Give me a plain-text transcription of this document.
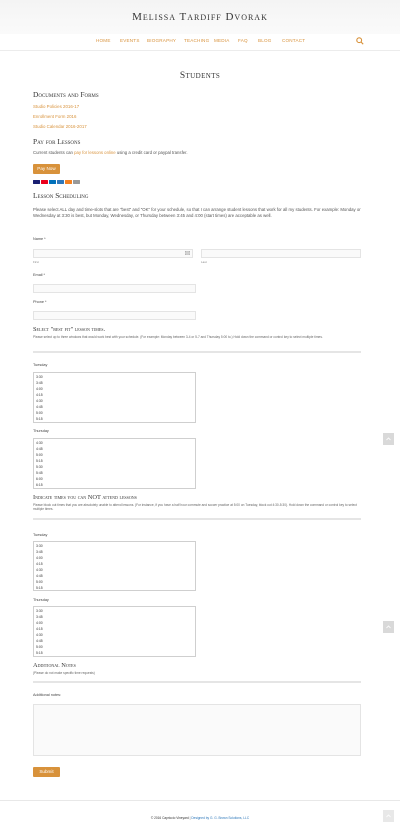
Melissa Tardiff Dvorak
HOME EVENTS BIOGRAPHY TEACHING MEDIA FAQ BLOG CONTACT
Students
Documents and Forms
Studio Policies 2016-17
Enrollment Form 2016
Studio Calendar 2016-2017
Pay for Lessons
Current students can pay for lessons online using a credit card or paypal transfer.
Pay Now
Lesson Scheduling
Please select ALL day and time-slots that are "best" and "OK" for your schedule, so that I can arrange student lessons that work for all my students. For example: Monday or Wednesday at 3:30 is best, but Monday, Wednesday, or Thursday between 3:45 and 4:00 (start times) are acceptable as well.
Name *
First	Last
Email *
Phone *
Select "best fit" lesson times.
Please select up to three windows that would work best with your schedule. (For example: Monday between 3-4 or 5-7 and Thursday 5:00 to.) Hold down the command or control key to select multiple times.
Tuesday
3:30
3:45
4:00
4:15
4:30
4:45
5:00
5:15
Thursday
4:30
4:45
5:00
5:15
5:30
5:45
6:00
6:15
Indicate times you can NOT attend lessons
Please block out times that you are absolutely unable to attend lessons. (For instance, if you have a half hour commute and soccer practice at 5:00 on Tuesday, block out 4:30-5:30). Hold down the command or control key to select multiple times.
Tuesday
3:30
3:45
4:00
4:15
4:30
4:45
5:00
5:15
Thursday
3:30
3:45
4:00
4:15
4:30
4:45
5:00
5:15
Additional Notes
(Please do not make specific time requests)
Additional notes:
Submit
© 2016 Capriccio Vineyard | Designed by G. G. Brown Solutions, LLC
